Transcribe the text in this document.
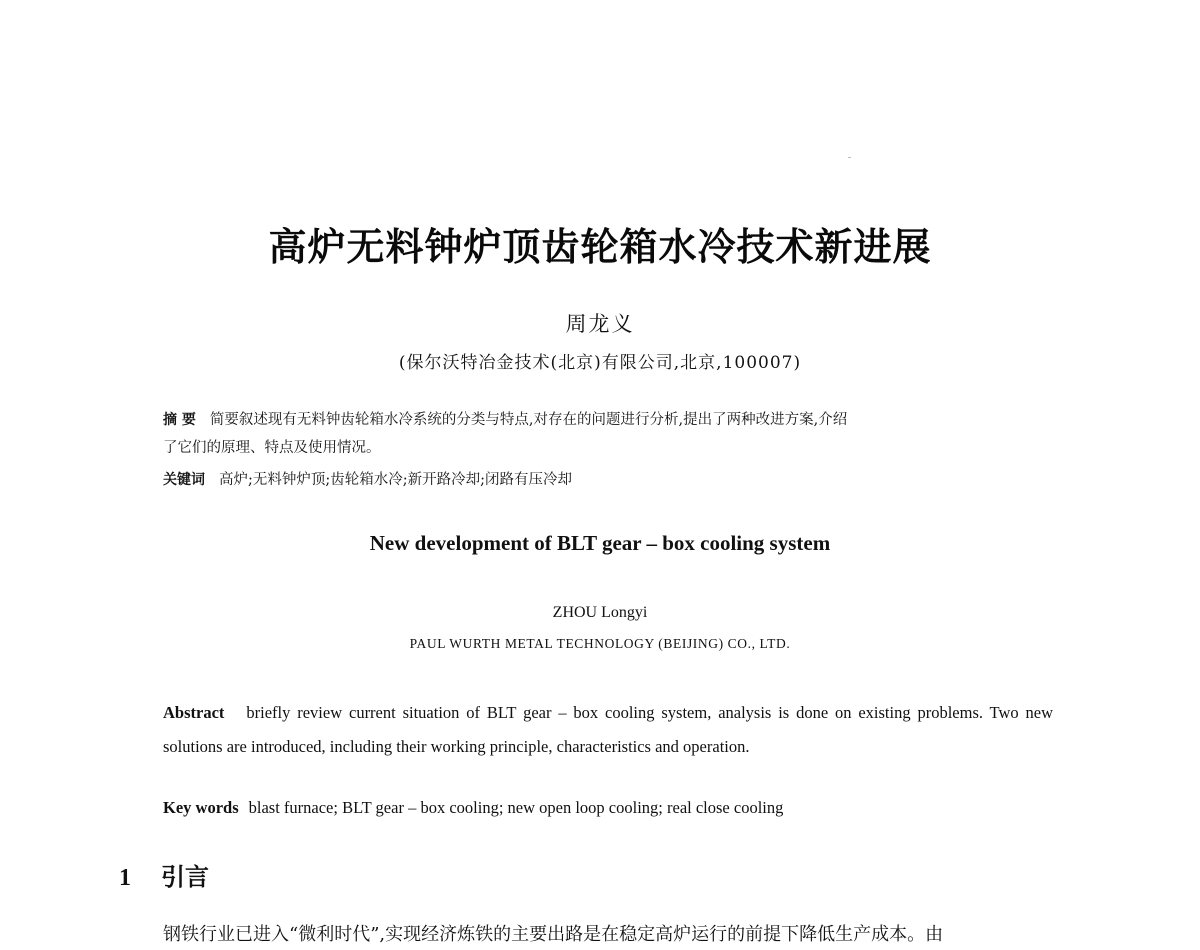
高炉无料钟炉顶齿轮箱水冷技术新进展
周龙义
(保尔沃特冶金技术(北京)有限公司,北京,100007)
摘 要 简要叙述现有无料钟齿轮箱水冷系统的分类与特点,对存在的问题进行分析,提出了两种改进方案,介绍
了它们的原理、特点及使用情况。
关键词 高炉;无料钟炉顶;齿轮箱水冷;新开路冷却;闭路有压冷却
New development of BLT gear – box cooling system
ZHOU Longyi
PAUL WURTH METAL TECHNOLOGY (BEIJING) CO., LTD.
Abstract briefly review current situation of BLT gear – box cooling system, analysis is done on existing problems. Two new solutions are introduced, including their working principle, characteristics and operation.
Key words blast furnace; BLT gear – box cooling; new open loop cooling; real close cooling
1 引言
钢铁行业已进入“微利时代”,实现经济炼铁的主要出路是在稳定高炉运行的前提下降低生产成本。由
